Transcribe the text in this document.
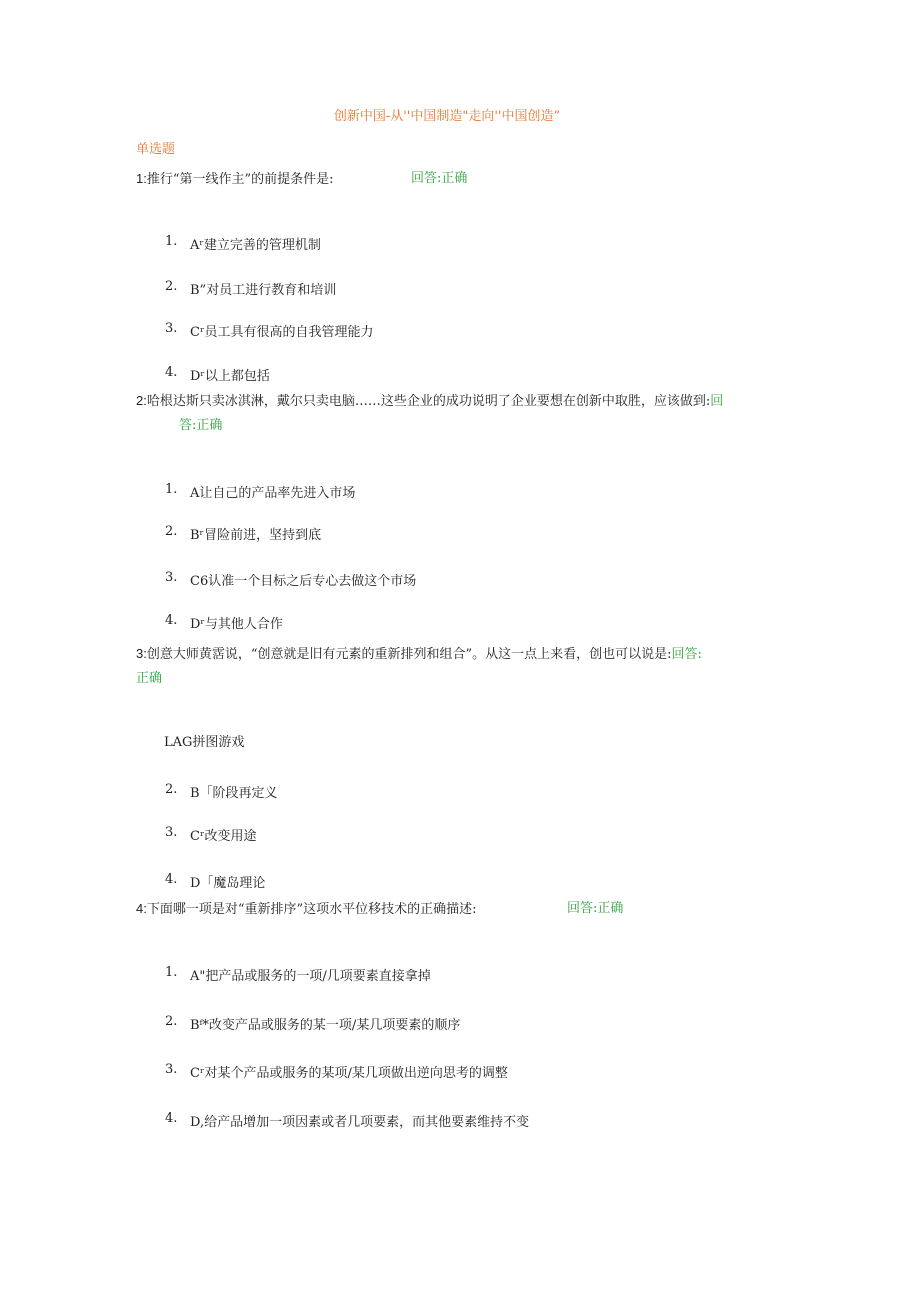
创新中国-从''中国制造"走向''中国创造”
单选题
1:推行“第一线作主”的前提条件是:	回答:正确
1. Aʳ建立完善的管理机制
2. B”对员工进行教育和培训
3. Cʳ员工具有很高的自我管理能力
4. Dʳ以上都包括
2:哈根达斯只卖冰淇淋，戴尔只卖电脑……这些企业的成功说明了企业要想在创新中取胜，应该做到:回
答:正确
1. A让自己的产品率先进入市场
2. Bʳ冒险前进，坚持到底
3. C6认准一个目标之后专心去做这个市场
4. Dʳ与其他人合作
3:创意大师黄霑说，“创意就是旧有元素的重新排列和组合”。从这一点上来看，创也可以说是:回答:
正确
LAG拼图游戏
2. B「阶段再定义
3. Cʳ改变用途
4. D「魔岛理论
4:下面哪一项是对“重新排序”这项水平位移技术的正确描述:	回答:正确
1. A"把产品或服务的一项/几项要素直接拿掉
2. Bᶠ*改变产品或服务的某一项/某几项要素的顺序
3. Cʳ对某个产品或服务的某项/某几项做出逆向思考的调整
4. D,给产品增加一项因素或者几项要素，而其他要素维持不变
